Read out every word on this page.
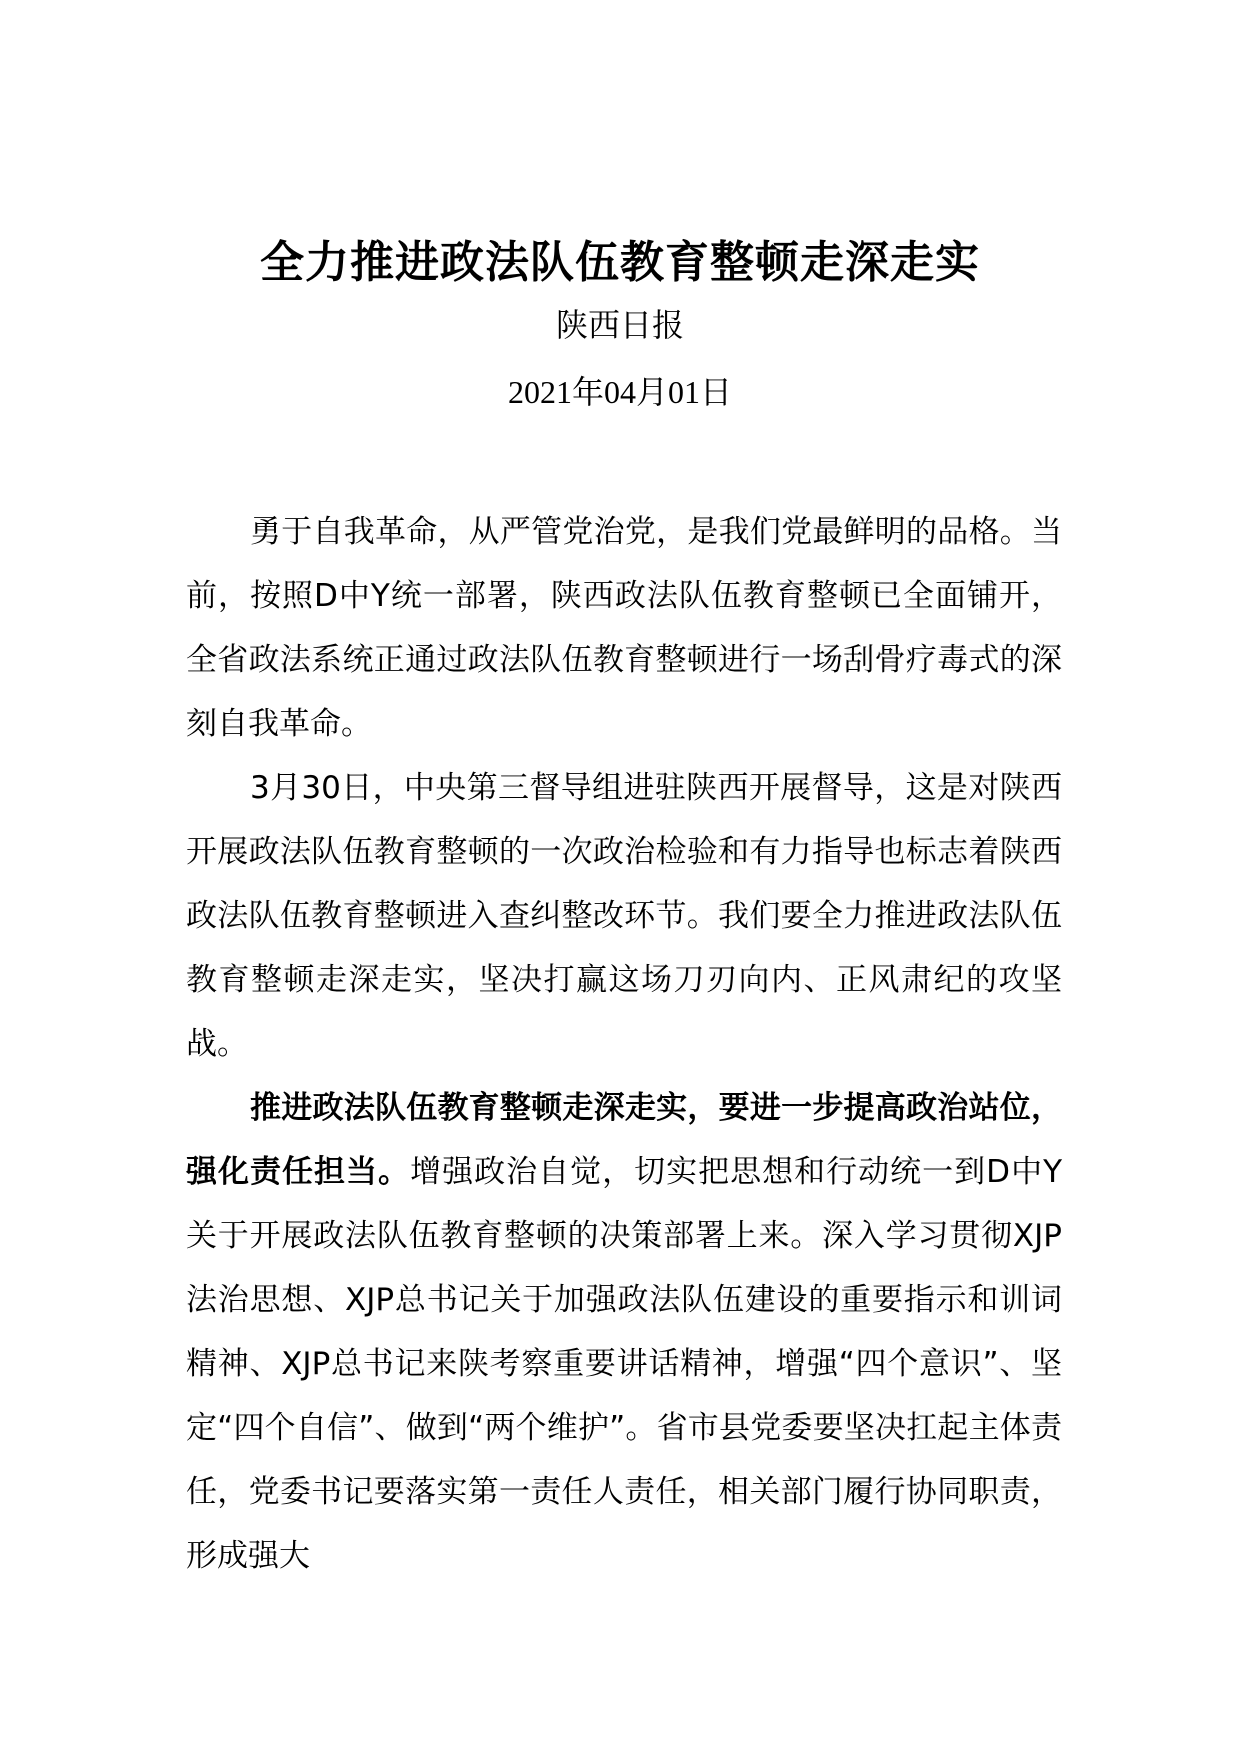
全力推进政法队伍教育整顿走深走实
陕西日报
2021年04月01日

勇于自我革命，从严管党治党，是我们党最鲜明的品格。当前，按照D中Y统一部署，陕西政法队伍教育整顿已全面铺开，全省政法系统正通过政法队伍教育整顿进行一场刮骨疗毒式的深刻自我革命。

3月30日，中央第三督导组进驻陕西开展督导，这是对陕西开展政法队伍教育整顿的一次政治检验和有力指导也标志着陕西政法队伍教育整顿进入查纠整改环节。我们要全力推进政法队伍教育整顿走深走实，坚决打赢这场刀刃向内、正风肃纪的攻坚战。

推进政法队伍教育整顿走深走实，要进一步提高政治站位，强化责任担当。增强政治自觉，切实把思想和行动统一到D中Y关于开展政法队伍教育整顿的决策部署上来。深入学习贯彻XJP法治思想、XJP总书记关于加强政法队伍建设的重要指示和训词精神、XJP总书记来陕考察重要讲话精神，增强“四个意识”、坚定“四个自信”、做到“两个维护”。省市县党委要坚决扛起主体责任，党委书记要落实第一责任人责任，相关部门履行协同职责，形成强大
